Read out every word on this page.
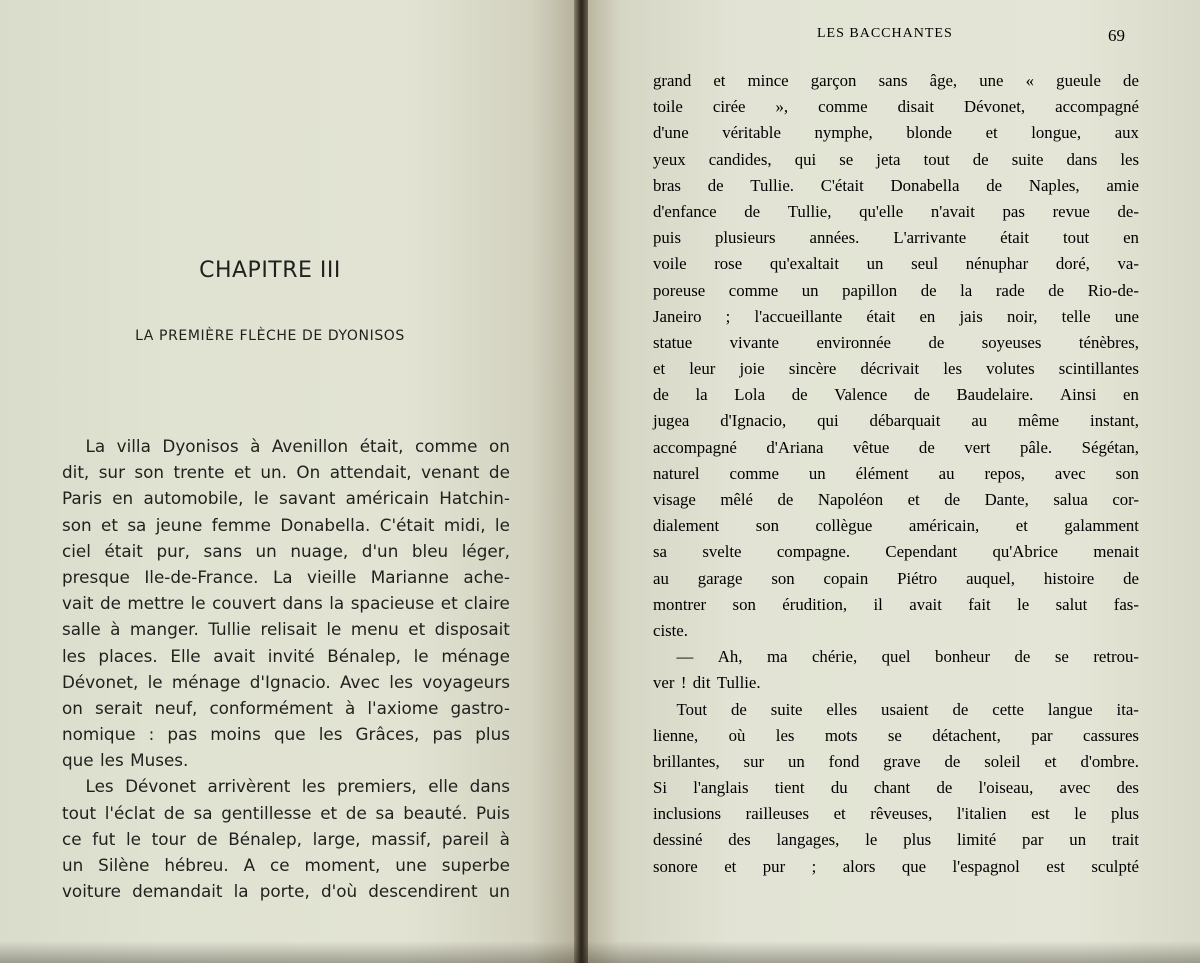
CHAPITRE III
LA PREMIÈRE FLÈCHE DE DYONISOS
La villa Dyonisos à Avenillon était, comme on
dit, sur son trente et un. On attendait, venant de
Paris en automobile, le savant américain Hatchin-
son et sa jeune femme Donabella. C'était midi, le
ciel était pur, sans un nuage, d'un bleu léger,
presque Ile-de-France. La vieille Marianne ache-
vait de mettre le couvert dans la spacieuse et claire
salle à manger. Tullie relisait le menu et disposait
les places. Elle avait invité Bénalep, le ménage
Dévonet, le ménage d'Ignacio. Avec les voyageurs
on serait neuf, conformément à l'axiome gastro-
nomique : pas moins que les Grâces, pas plus
que les Muses.
Les Dévonet arrivèrent les premiers, elle dans
tout l'éclat de sa gentillesse et de sa beauté. Puis
ce fut le tour de Bénalep, large, massif, pareil à
un Silène hébreu. A ce moment, une superbe
voiture demandait la porte, d'où descendirent un
LES BACCHANTES	69
grand et mince garçon sans âge, une « gueule de
toile cirée », comme disait Dévonet, accompagné
d'une véritable nymphe, blonde et longue, aux
yeux candides, qui se jeta tout de suite dans les
bras de Tullie. C'était Donabella de Naples, amie
d'enfance de Tullie, qu'elle n'avait pas revue de-
puis plusieurs années. L'arrivante était tout en
voile rose qu'exaltait un seul nénuphar doré, va-
poreuse comme un papillon de la rade de Rio-de-
Janeiro ; l'accueillante était en jais noir, telle une
statue vivante environnée de soyeuses ténèbres,
et leur joie sincère décrivait les volutes scintillantes
de la Lola de Valence de Baudelaire. Ainsi en
jugea d'Ignacio, qui débarquait au même instant,
accompagné d'Ariana vêtue de vert pâle. Ségétan,
naturel comme un élément au repos, avec son
visage mêlé de Napoléon et de Dante, salua cor-
dialement son collègue américain, et galamment
sa svelte compagne. Cependant qu'Abrice menait
au garage son copain Piétro auquel, histoire de
montrer son érudition, il avait fait le salut fas-
ciste.
— Ah, ma chérie, quel bonheur de se retrou-
ver ! dit Tullie.
Tout de suite elles usaient de cette langue ita-
lienne, où les mots se détachent, par cassures
brillantes, sur un fond grave de soleil et d'ombre.
Si l'anglais tient du chant de l'oiseau, avec des
inclusions railleuses et rêveuses, l'italien est le plus
dessiné des langages, le plus limité par un trait
sonore et pur ; alors que l'espagnol est sculpté
